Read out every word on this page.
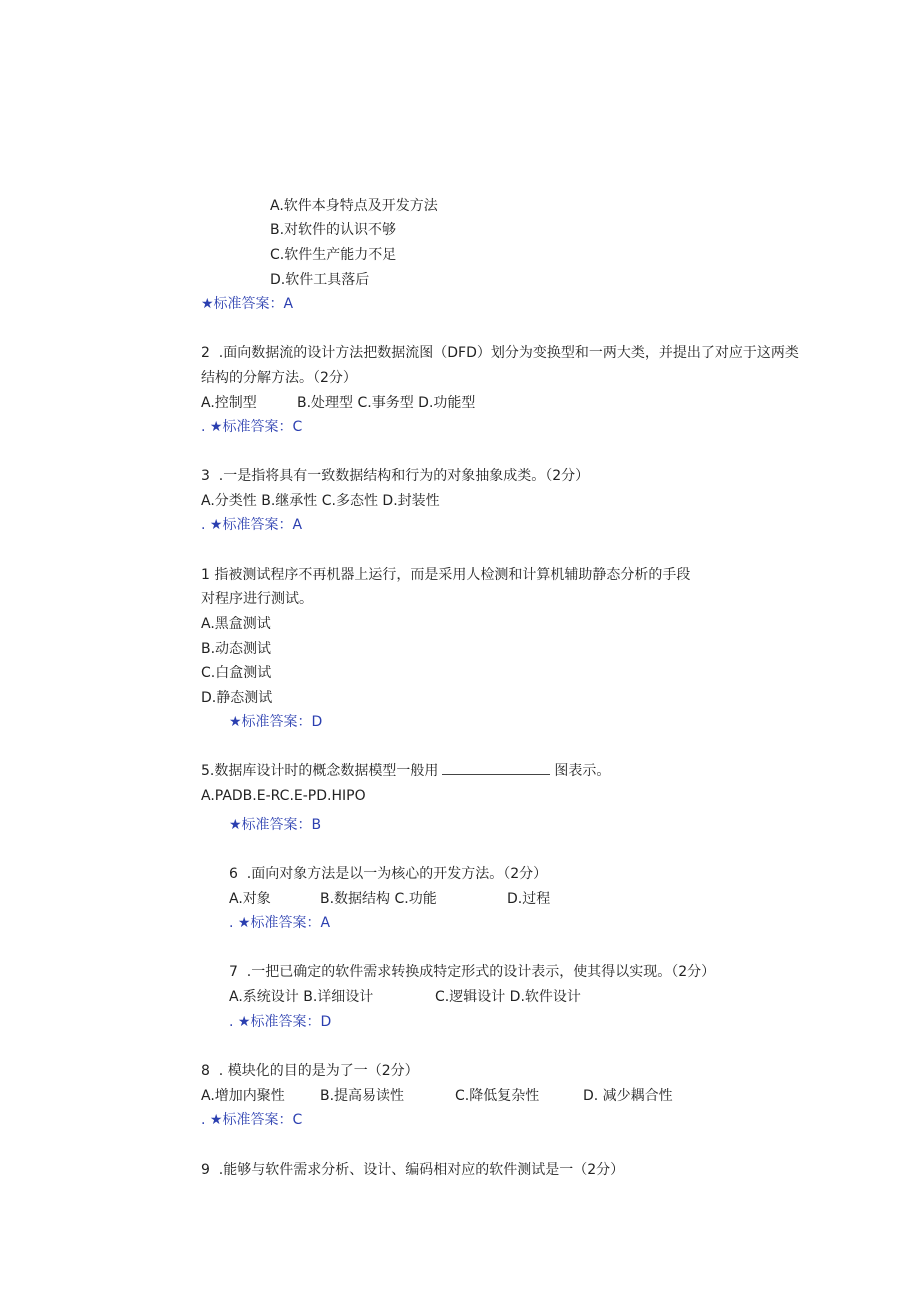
A.软件本身特点及开发方法
B.对软件的认识不够
C.软件生产能力不足
D.软件工具落后
★标准答案：A
2  .面向数据流的设计方法把数据流图（DFD）划分为变换型和一两大类，并提出了对应于这两类
结构的分解方法。（2分）
A.控制型	B.处理型 C.事务型 D.功能型
. ★标准答案：C
3  .一是指将具有一致数据结构和行为的对象抽象成类。（2分）
A.分类性 B.继承性 C.多态性 D.封装性
. ★标准答案：A
1 指被测试程序不再机器上运行，而是采用人检测和计算机辅助静态分析的手段
对程序进行测试。
A.黑盒测试
B.动态测试
C.白盒测试
D.静态测试
★标准答案：D
5.数据库设计时的概念数据模型一般用	图表示。
A.PADB.E-RC.E-PD.HIPO
★标准答案：B
6  .面向对象方法是以一为核心的开发方法。（2分）
A.对象	B.数据结构 C.功能	D.过程
. ★标准答案：A
7  .一把已确定的软件需求转换成特定形式的设计表示，使其得以实现。（2分）
A.系统设计 B.详细设计	C.逻辑设计 D.软件设计
. ★标准答案：D
8  . 模块化的目的是为了一（2分）
A.增加内聚性	B.提高易读性	C.降低复杂性	D. 减少耦合性
. ★标准答案：C
9  .能够与软件需求分析、设计、编码相对应的软件测试是一（2分）
